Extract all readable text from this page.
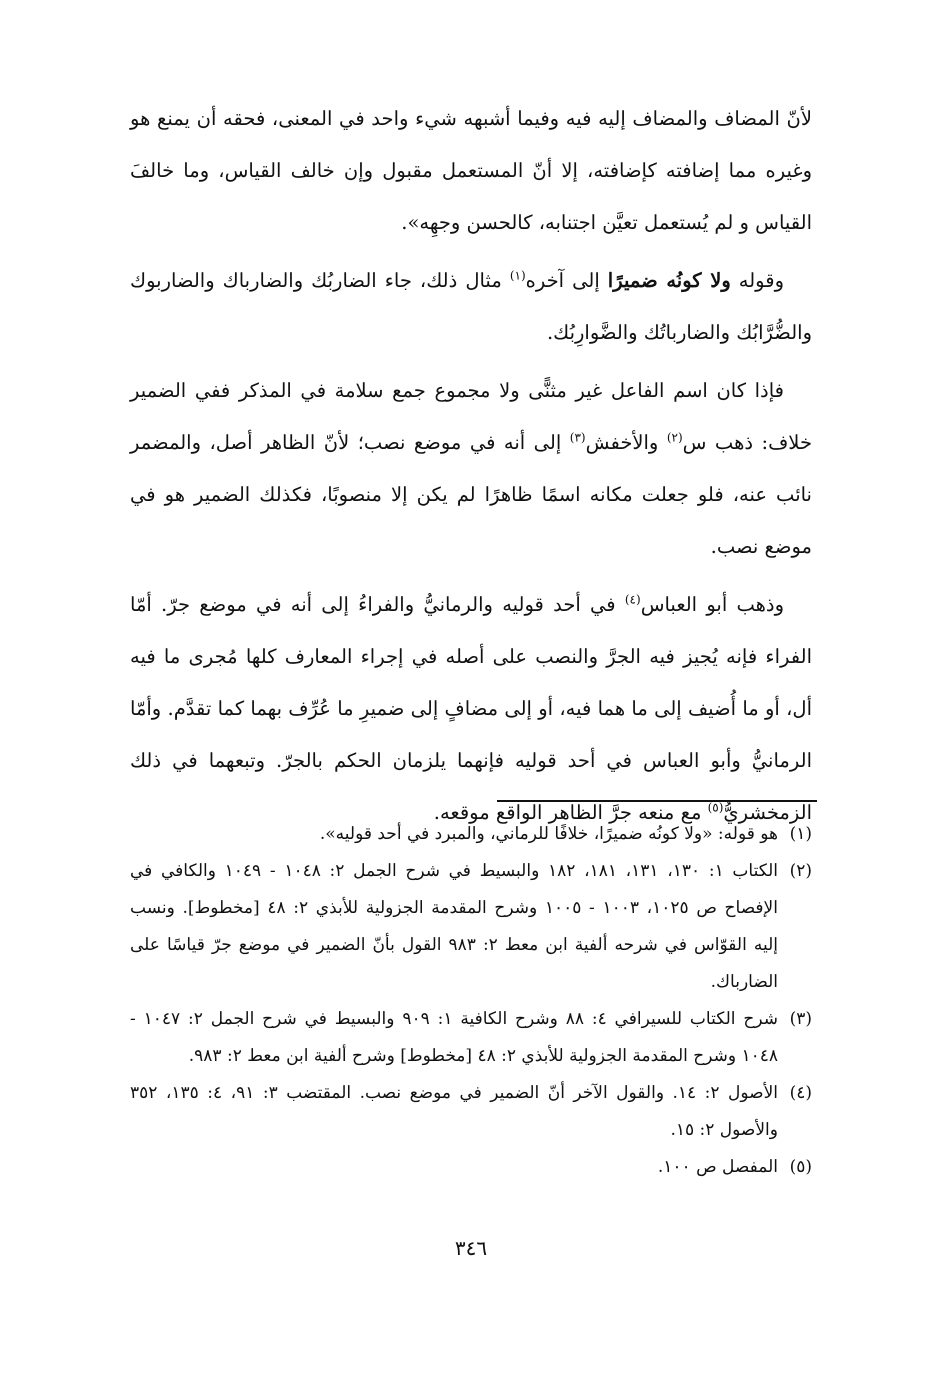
لأنّ المضاف والمضاف إليه فيه وفيما أشبهه شيء واحد في المعنى، فحقه أن يمنع هو وغيره مما إضافته كإضافته، إلا أنّ المستعمل مقبول وإن خالف القياس، وما خالفَ القياس و لم يُستعمل تعيَّن اجتنابه، كالحسن وجهِه».

وقوله ولا كونُه ضميرًا إلى آخره$^{(١)}$ مثال ذلك، جاء الضاربُك والضارباك والضاربوك والضُّرَّابُك والضارباتُك والضَّوارِبُك.

فإذا كان اسم الفاعل غير مثنًّى ولا مجموع جمع سلامة في المذكر ففي الضمير خلاف: ذهب س$^{(٢)}$ والأخفش$^{(٣)}$ إلى أنه في موضع نصب؛ لأنّ الظاهر أصل، والمضمر نائب عنه، فلو جعلت مكانه اسمًا ظاهرًا لم يكن إلا منصوبًا، فكذلك الضمير هو في موضع نصب.

وذهب أبو العباس$^{(٤)}$ في أحد قوليه والرمانيُّ والفراءُ إلى أنه في موضع جرّ. أمّا الفراء فإنه يُجيز فيه الجرَّ والنصب على أصله في إجراء المعارف كلها مُجرى ما فيه أل، أو ما أُضيف إلى ما هما فيه، أو إلى مضافٍ إلى ضميرِ ما عُرِّف بهما كما تقدَّم. وأمّا الرمانيُّ وأبو العباس في أحد قوليه فإنهما يلزمان الحكم بالجرّ. وتبعهما في ذلك الزمخشريُّ$^{(٥)}$ مع منعه جرَّ الظاهر الواقع موقعه.

(١)
هو قوله: «ولا كونُه ضميرًا، خلافًا للرماني، والمبرد في أحد قوليه».
(٢)
الكتاب ١: ١٣٠، ١٣١، ١٨١، ١٨٢ والبسيط في شرح الجمل ٢: ١٠٤٨ - ١٠٤٩ والكافي في الإفصاح ص ١٠٢٥، ١٠٠٣ - ١٠٠٥ وشرح المقدمة الجزولية للأبذي ٢: ٤٨ [مخطوط]. ونسب إليه القوّاس في شرحه ألفية ابن معط ٢: ٩٨٣ القول بأنّ الضمير في موضع جرّ قياسًا على الضارباك.
(٣)
شرح الكتاب للسيرافي ٤: ٨٨ وشرح الكافية ١: ٩٠٩ والبسيط في شرح الجمل ٢: ١٠٤٧ - ١٠٤٨ وشرح المقدمة الجزولية للأبذي ٢: ٤٨ [مخطوط] وشرح ألفية ابن معط ٢: ٩٨٣.
(٤)
الأصول ٢: ١٤. والقول الآخر أنّ الضمير في موضع نصب. المقتضب ٣: ٩١، ٤: ١٣٥، ٣٥٢ والأصول ٢: ١٥.
(٥)
المفصل ص ١٠٠.
٣٤٦
